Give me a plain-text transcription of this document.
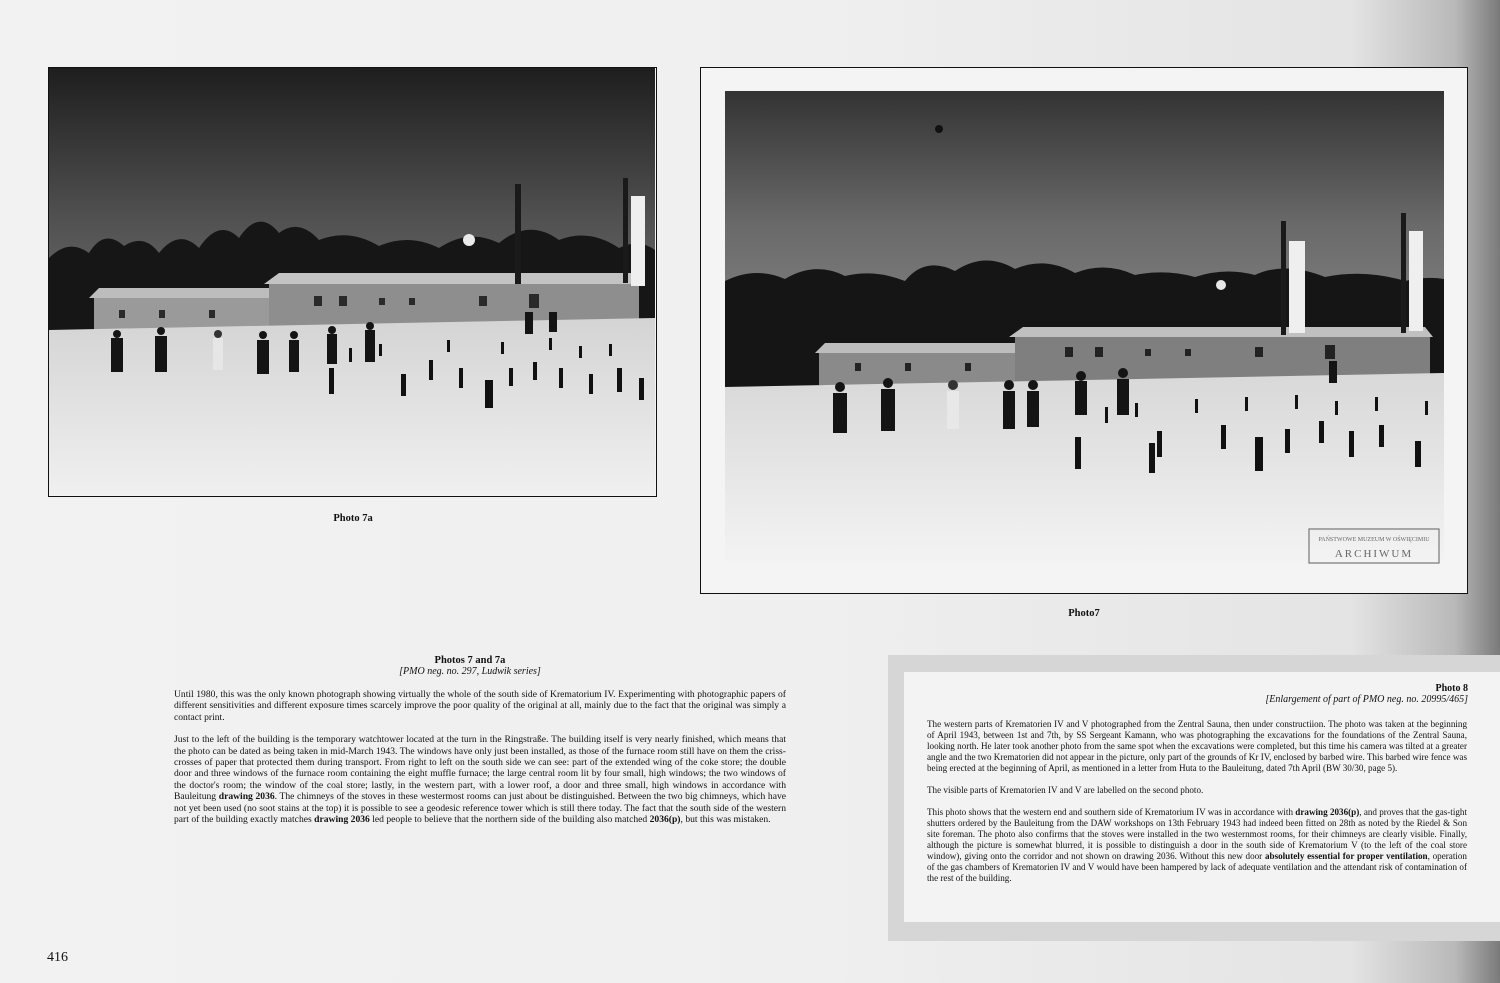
Photo 7a
PAŃSTWOWE MUZEUM W OŚWIĘCIMIU
ARCHIWUM
Photo7
Photos 7 and 7a
[PMO neg. no. 297, Ludwik series]

Until 1980, this was the only known photograph showing virtually the whole of the south side of Krematorium IV. Experimenting with photographic papers of different sensitivities and different exposure times scarcely improve the poor quality of the original at all, mainly due to the fact that the original was simply a contact print.

Just to the left of the building is the temporary watchtower located at the turn in the Ringstraße. The building itself is very nearly finished, which means that the photo can be dated as being taken in mid-March 1943. The windows have only just been installed, as those of the furnace room still have on them the criss-crosses of paper that protected them during transport. From right to left on the south side we can see: part of the extended wing of the coke store; the double door and three windows of the furnace room containing the eight muffle furnace; the large central room lit by four small, high windows; the two windows of the doctor's room; the window of the coal store; lastly, in the western part, with a lower roof, a door and three small, high windows in accordance with Bauleitung drawing 2036. The chimneys of the stoves in these westermost rooms can just about be distinguished. Between the two big chimneys, which have not yet been used (no soot stains at the top) it is possible to see a geodesic reference tower which is still there today. The fact that the south side of the western part of the building exactly matches drawing 2036 led people to believe that the northern side of the building also matched 2036(p), but this was mistaken.

Photo 8
[Enlargement of part of PMO neg. no. 20995/465]

The western parts of Krematorien IV and V photographed from the Zentral Sauna, then under constructiion. The photo was taken at the beginning of April 1943, between 1st and 7th, by SS Sergeant Kamann, who was photographing the excavations for the foundations of the Zentral Sauna, looking north. He later took another photo from the same spot when the excavations were completed, but this time his camera was tilted at a greater angle and the two Krematorien did not appear in the picture, only part of the grounds of Kr IV, enclosed by barbed wire. This barbed wire fence was being erected at the beginning of April, as mentioned in a letter from Huta to the Bauleitung, dated 7th April (BW 30/30, page 5).

The visible parts of Krematorien IV and V are labelled on the second photo.

This photo shows that the western end and southern side of Krematorium IV was in accordance with drawing 2036(p), and proves that the gas-tight shutters ordered by the Bauleitung from the DAW workshops on 13th February 1943 had indeed been fitted on 28th as noted by the Riedel & Son site foreman. The photo also confirms that the stoves were installed in the two westernmost rooms, for their chimneys are clearly visible. Finally, although the picture is somewhat blurred, it is possible to distinguish a door in the south side of Krematorium V (to the left of the coal store window), giving onto the corridor and not shown on drawing 2036. Without this new door absolutely essential for proper ventilation, operation of the gas chambers of Krematorien IV and V would have been hampered by lack of adequate ventilation and the attendant risk of contamination of the rest of the building.

416
